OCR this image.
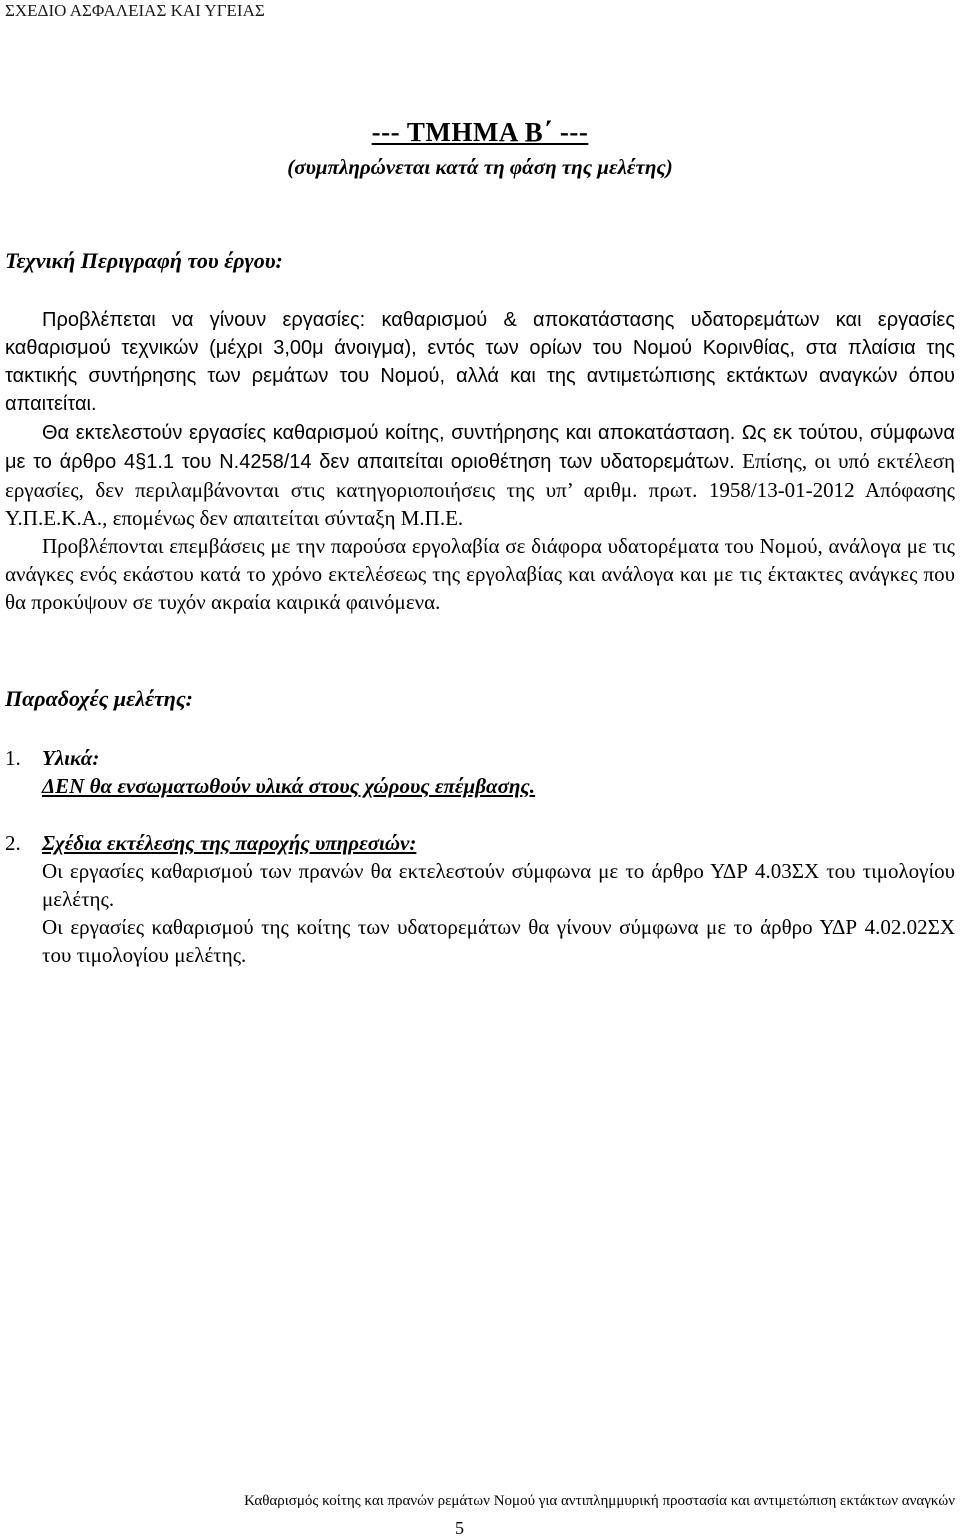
ΣΧΕΔΙΟ ΑΣΦΑΛΕΙΑΣ ΚΑΙ ΥΓΕΙΑΣ
--- ΤΜΗΜΑ Β΄ ---
(συμπληρώνεται κατά τη φάση της μελέτης)
Τεχνική Περιγραφή του έργου:

Προβλέπεται να γίνουν εργασίες: καθαρισμού & αποκατάστασης υδατορεμάτων και εργασίες καθαρισμού τεχνικών (μέχρι 3,00μ άνοιγμα), εντός των ορίων του Νομού Κορινθίας, στα πλαίσια της τακτικής συντήρησης των ρεμάτων του Νομού, αλλά και της αντιμετώπισης εκτάκτων αναγκών όπου απαιτείται.

Θα εκτελεστούν εργασίες καθαρισμού κοίτης, συντήρησης και αποκατάσταση. Ως εκ τούτου, σύμφωνα με το άρθρο 4§1.1 του Ν.4258/14 δεν απαιτείται οριοθέτηση των υδατορεμάτων. Επίσης, οι υπό εκτέλεση εργασίες, δεν περιλαμβάνονται στις κατηγοριοποιήσεις της υπ’ αριθμ. πρωτ. 1958/13-01-2012 Απόφασης Υ.Π.Ε.Κ.Α., επομένως δεν απαιτείται σύνταξη Μ.Π.Ε.

Προβλέπονται επεμβάσεις με την παρούσα εργολαβία σε διάφορα υδατορέματα του Νομού, ανάλογα με τις ανάγκες ενός εκάστου κατά το χρόνο εκτελέσεως της εργολαβίας και ανάλογα και με τις έκτακτες ανάγκες που θα προκύψουν σε τυχόν ακραία καιρικά φαινόμενα.

Παραδοχές μελέτης:
1. Υλικά:
ΔΕΝ θα ενσωματωθούν υλικά στους χώρους επέμβασης.
2. Σχέδια εκτέλεσης της παροχής υπηρεσιών:

Οι εργασίες καθαρισμού των πρανών θα εκτελεστούν σύμφωνα με το άρθρο ΥΔΡ 4.03ΣΧ του τιμολογίου μελέτης.

Οι εργασίες καθαρισμού της κοίτης των υδατορεμάτων θα γίνουν σύμφωνα με το άρθρο ΥΔΡ 4.02.02ΣΧ του τιμολογίου μελέτης.

Καθαρισμός κοίτης και πρανών ρεμάτων Νομού για αντιπλημμυρική προστασία και αντιμετώπιση εκτάκτων αναγκών
5
